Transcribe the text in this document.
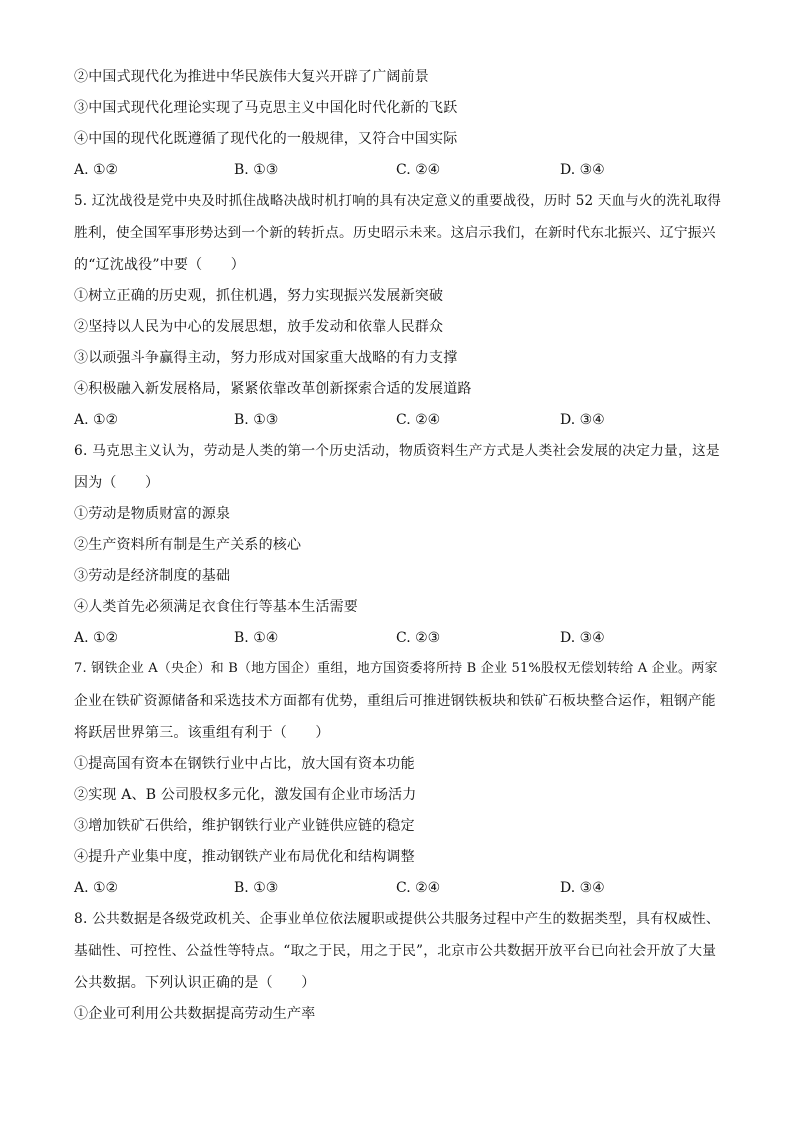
②中国式现代化为推进中华民族伟大复兴开辟了广阔前景
③中国式现代化理论实现了马克思主义中国化时代化新的飞跃
④中国的现代化既遵循了现代化的一般规律，又符合中国实际
A. ①②	B. ①③	C. ②④	D. ③④
5. 辽沈战役是党中央及时抓住战略决战时机打响的具有决定意义的重要战役，历时 52 天血与火的洗礼取得
胜利，使全国军事形势达到一个新的转折点。历史昭示未来。这启示我们，在新时代东北振兴、辽宁振兴
的“辽沈战役”中要（　　）
①树立正确的历史观，抓住机遇，努力实现振兴发展新突破
②坚持以人民为中心的发展思想，放手发动和依靠人民群众
③以顽强斗争赢得主动，努力形成对国家重大战略的有力支撑
④积极融入新发展格局，紧紧依靠改革创新探索合适的发展道路
A. ①②	B. ①③	C. ②④	D. ③④
6. 马克思主义认为，劳动是人类的第一个历史活动，物质资料生产方式是人类社会发展的决定力量，这是
因为（　　）
①劳动是物质财富的源泉
②生产资料所有制是生产关系的核心
③劳动是经济制度的基础
④人类首先必须满足衣食住行等基本生活需要
A. ①②	B. ①④	C. ②③	D. ③④
7. 钢铁企业 A（央企）和 B（地方国企）重组，地方国资委将所持 B 企业 51%股权无偿划转给 A 企业。两家
企业在铁矿资源储备和采选技术方面都有优势，重组后可推进钢铁板块和铁矿石板块整合运作，粗钢产能
将跃居世界第三。该重组有利于（　　）
①提高国有资本在钢铁行业中占比，放大国有资本功能
②实现 A、B 公司股权多元化，激发国有企业市场活力
③增加铁矿石供给，维护钢铁行业产业链供应链的稳定
④提升产业集中度，推动钢铁产业布局优化和结构调整
A. ①②	B. ①③	C. ②④	D. ③④
8. 公共数据是各级党政机关、企事业单位依法履职或提供公共服务过程中产生的数据类型，具有权威性、
基础性、可控性、公益性等特点。“取之于民，用之于民”，北京市公共数据开放平台已向社会开放了大量
公共数据。下列认识正确的是（　　）
①企业可利用公共数据提高劳动生产率
